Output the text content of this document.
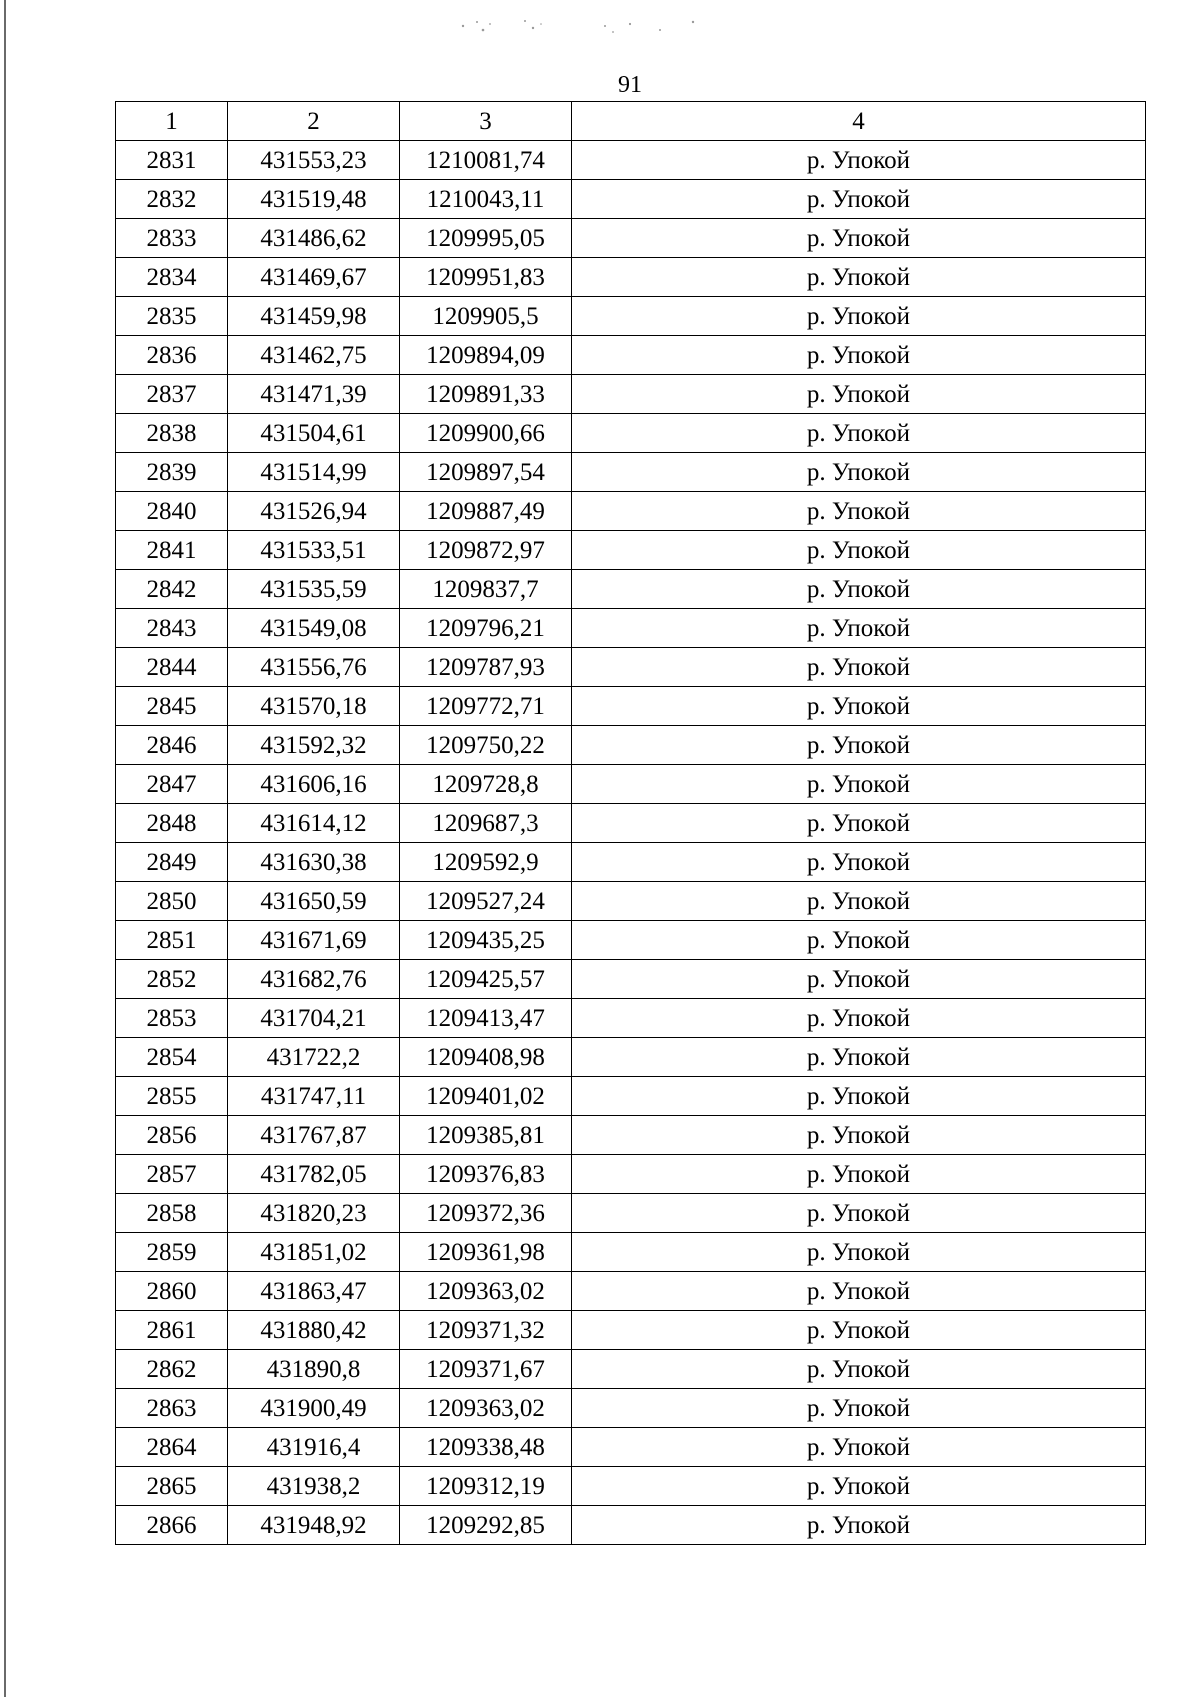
91
1	2	3	4
2831	431553,23	1210081,74	р. Упокой
2832	431519,48	1210043,11	р. Упокой
2833	431486,62	1209995,05	р. Упокой
2834	431469,67	1209951,83	р. Упокой
2835	431459,98	1209905,5	р. Упокой
2836	431462,75	1209894,09	р. Упокой
2837	431471,39	1209891,33	р. Упокой
2838	431504,61	1209900,66	р. Упокой
2839	431514,99	1209897,54	р. Упокой
2840	431526,94	1209887,49	р. Упокой
2841	431533,51	1209872,97	р. Упокой
2842	431535,59	1209837,7	р. Упокой
2843	431549,08	1209796,21	р. Упокой
2844	431556,76	1209787,93	р. Упокой
2845	431570,18	1209772,71	р. Упокой
2846	431592,32	1209750,22	р. Упокой
2847	431606,16	1209728,8	р. Упокой
2848	431614,12	1209687,3	р. Упокой
2849	431630,38	1209592,9	р. Упокой
2850	431650,59	1209527,24	р. Упокой
2851	431671,69	1209435,25	р. Упокой
2852	431682,76	1209425,57	р. Упокой
2853	431704,21	1209413,47	р. Упокой
2854	431722,2	1209408,98	р. Упокой
2855	431747,11	1209401,02	р. Упокой
2856	431767,87	1209385,81	р. Упокой
2857	431782,05	1209376,83	р. Упокой
2858	431820,23	1209372,36	р. Упокой
2859	431851,02	1209361,98	р. Упокой
2860	431863,47	1209363,02	р. Упокой
2861	431880,42	1209371,32	р. Упокой
2862	431890,8	1209371,67	р. Упокой
2863	431900,49	1209363,02	р. Упокой
2864	431916,4	1209338,48	р. Упокой
2865	431938,2	1209312,19	р. Упокой
2866	431948,92	1209292,85	р. Упокой
